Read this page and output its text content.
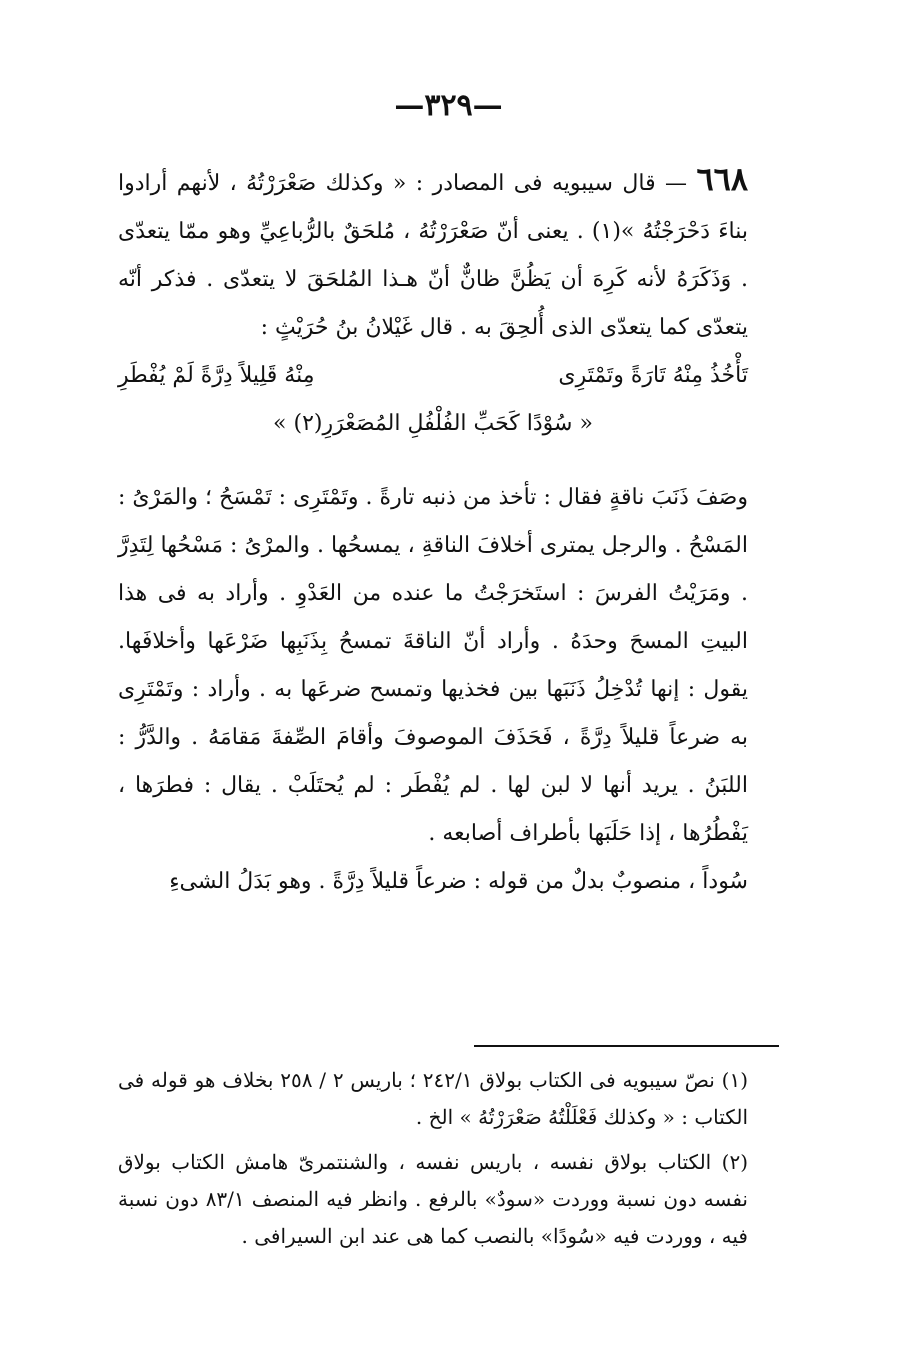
—٣٢٩—

٦٦٨ — قال سيبويه فى المصادر : « وكذلك صَعْرَرْتُهُ ، لأنهم أرادوا بناءَ دَحْرَجْتُهُ »(١) . يعنى أنّ صَعْرَرْتُهُ ، مُلحَقٌ بالرُّباعِيِّ وهو ممّا يتعدّى . وَذَكَرَهُ لأنه كَرِهَ أن يَظُنَّ ظانٌّ أنّ هـذا المُلحَقَ لا يتعدّى . فذكر أنّه يتعدّى كما يتعدّى الذى أُلحِقَ به . قال غَيْلانُ بنُ حُرَيْثٍ :

تَأْخُذُ مِنْهُ تَارَةً وتَمْتَرِى
مِنْهُ قَلِيلاً دِرَّةً لَمْ يُفْطَرِ
« سُوْدًا كَحَبِّ الفُلْفُلِ المُصَعْرَرِ(٢) »

وصَفَ ذَنَبَ ناقةٍ فقال : تأخذ من ذنبه تارةً . وتَمْتَرِى : تَمْسَحُ ؛ والمَرْىُ : المَسْحُ . والرجل يمترى أخلافَ الناقةِ ، يمسحُها . والمرْىُ : مَسْحُها لِتَدِرَّ . ومَرَيْتُ الفرسَ : استَخرَجْتُ ما عنده من العَدْوِ . وأراد به فى هذا البيتِ المسحَ وحدَهُ . وأراد أنّ الناقةَ تمسحُ بِذَنَبِها ضَرْعَها وأخلافَها. يقول : إنها تُدْخِلُ ذَنَبَها بين فخذيها وتمسح ضرعَها به . وأراد : وتَمْتَرِى به ضرعاً قليلاً دِرَّةً ، فَحَذَفَ الموصوفَ وأقامَ الصِّفةَ مَقامَهُ . والدَّرُّ : اللبَنُ . يريد أنها لا لبن لها . لم يُفْطَر : لم يُحتَلَبْ . يقال : فطرَها ، يَفْطُرُها ، إذا حَلَبَها بأطراف أصابعه .

سُوداً ، منصوبٌ بدلٌ من قوله : ضرعاً قليلاً دِرَّةً . وهو بَدَلُ الشىءِ

(١) نصّ سيبويه فى الكتاب بولاق ٢٤٢/١ ؛ باريس ٢ / ٢٥٨ بخلاف هو قوله فى الكتاب : « وكذلك فَعْلَلْتُهُ صَعْرَرْتُهُ » الخ .

(٢) الكتاب بولاق نفسه ، باريس نفسه ، والشنتمرىّ هامش الكتاب بولاق نفسه دون نسبة ووردت «سودٌ» بالرفع . وانظر فيه المنصف ٨٣/١ دون نسبة فيه ، ووردت فيه «سُودًا» بالنصب كما هى عند ابن السيرافى .
